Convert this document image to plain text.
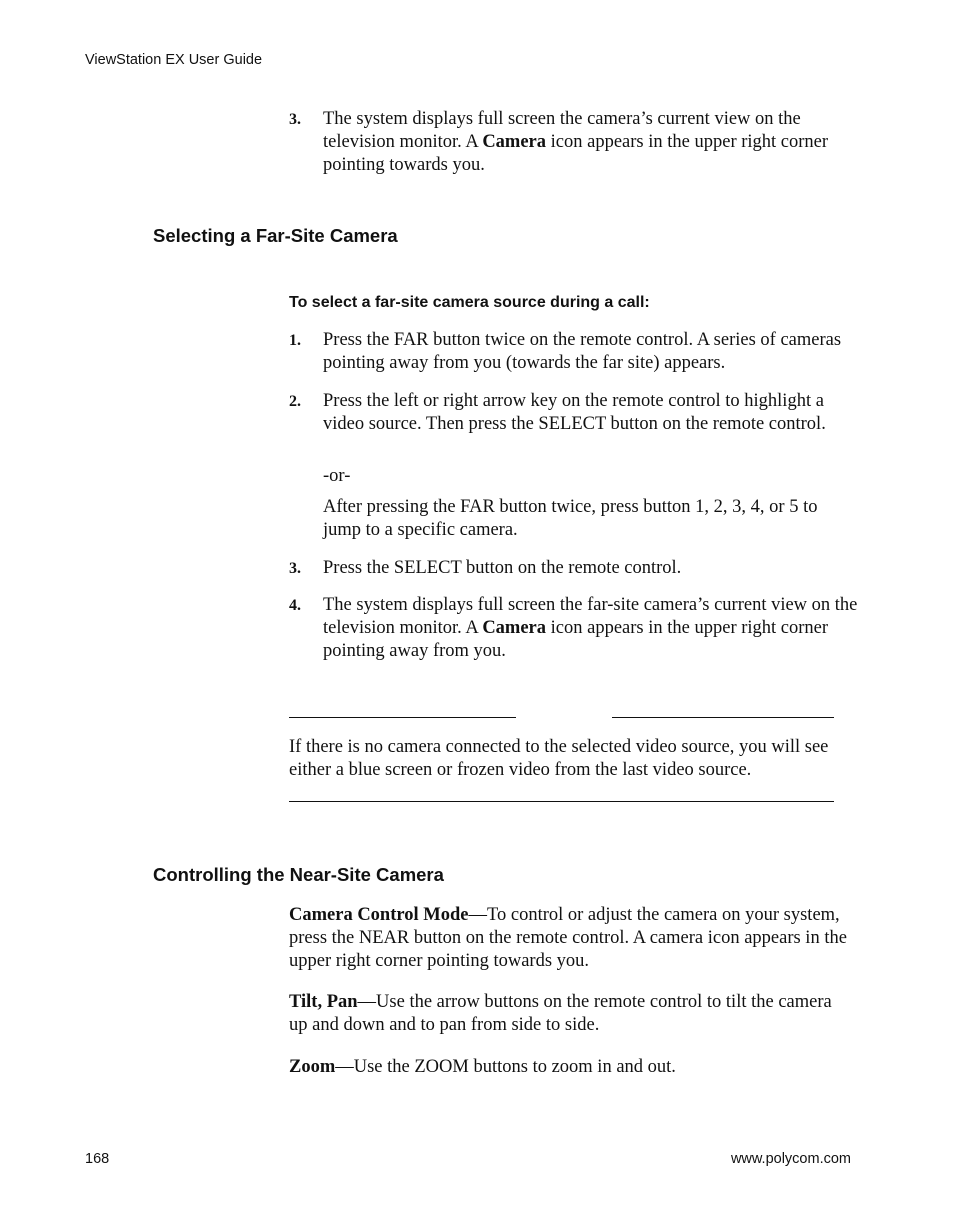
ViewStation EX User Guide
3. The system displays full screen the camera’s current view on the television monitor. A Camera icon appears in the upper right corner pointing towards you.
Selecting a Far-Site Camera
To select a far-site camera source during a call:
1. Press the FAR button twice on the remote control. A series of cameras pointing away from you (towards the far site) appears.
2. Press the left or right arrow key on the remote control to highlight a video source. Then press the SELECT button on the remote control.
-or-
After pressing the FAR button twice, press button 1, 2, 3, 4, or 5 to jump to a specific camera.
3. Press the SELECT button on the remote control.
4. The system displays full screen the far-site camera’s current view on the television monitor. A Camera icon appears in the upper right corner pointing away from you.
If there is no camera connected to the selected video source, you will see either a blue screen or frozen video from the last video source.
Controlling the Near-Site Camera
Camera Control Mode—To control or adjust the camera on your system, press the NEAR button on the remote control. A camera icon appears in the upper right corner pointing towards you.
Tilt, Pan—Use the arrow buttons on the remote control to tilt the camera up and down and to pan from side to side.
Zoom—Use the ZOOM buttons to zoom in and out.
168	www.polycom.com
